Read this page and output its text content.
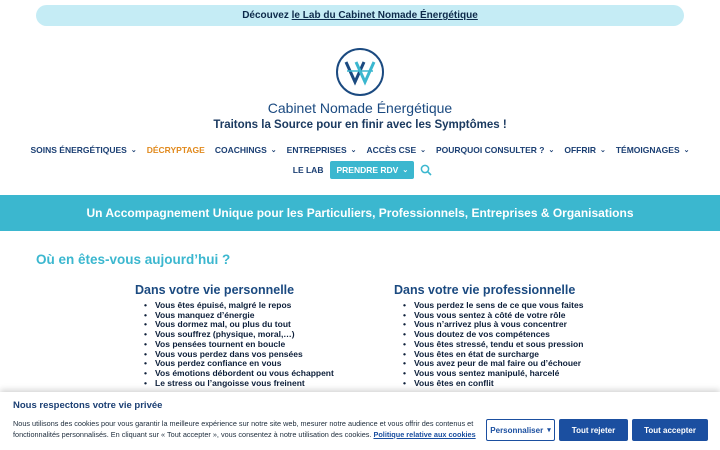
Découvez le Lab du Cabinet Nomade Énergétique
Cabinet Nomade Énergétique
Traitons la Source pour en finir avec les Symptômes !
SOINS ÉNERGÉTIQUES ⌄ DÉCRYPTAGE COACHINGS ⌄ ENTREPRISES ⌄ ACCÈS CSE ⌄ POURQUOI CONSULTER ? ⌄ OFFRIR ⌄ TÉMOIGNAGES ⌄
LE LAB PRENDRE RDV ⌄
Un Accompagnement Unique pour les Particuliers, Professionnels, Entreprises & Organisations
Où en êtes-vous aujourd’hui ?
Dans votre vie personnelle
• Vous êtes épuisé, malgré le repos
• Vous manquez d’énergie
• Vous dormez mal, ou plus du tout
• Vous souffrez (physique, moral,…)
• Vos pensées tournent en boucle
• Vous vous perdez dans vos pensées
• Vous perdez confiance en vous
• Vos émotions débordent ou vous échappent
• Le stress ou l’angoisse vous freinent
Dans votre vie professionnelle
• Vous perdez le sens de ce que vous faites
• Vous vous sentez à côté de votre rôle
• Vous n’arrivez plus à vous concentrer
• Vous doutez de vos compétences
• Vous êtes stressé, tendu et sous pression
• Vous êtes en état de surcharge
• Vous avez peur de mal faire ou d’échouer
• Vous vous sentez manipulé, harcelé
• Vous êtes en conflit
Nous respectons votre vie privée
Nous utilisons des cookies pour vous garantir la meilleure expérience sur notre site web, mesurer notre audience et vous offrir des contenus et fonctionnalités personnalisés. En cliquant sur « Tout accepter », vous consentez à notre utilisation des cookies. Politique relative aux cookies	Personnaliser ▾	Tout rejeter	Tout accepter
